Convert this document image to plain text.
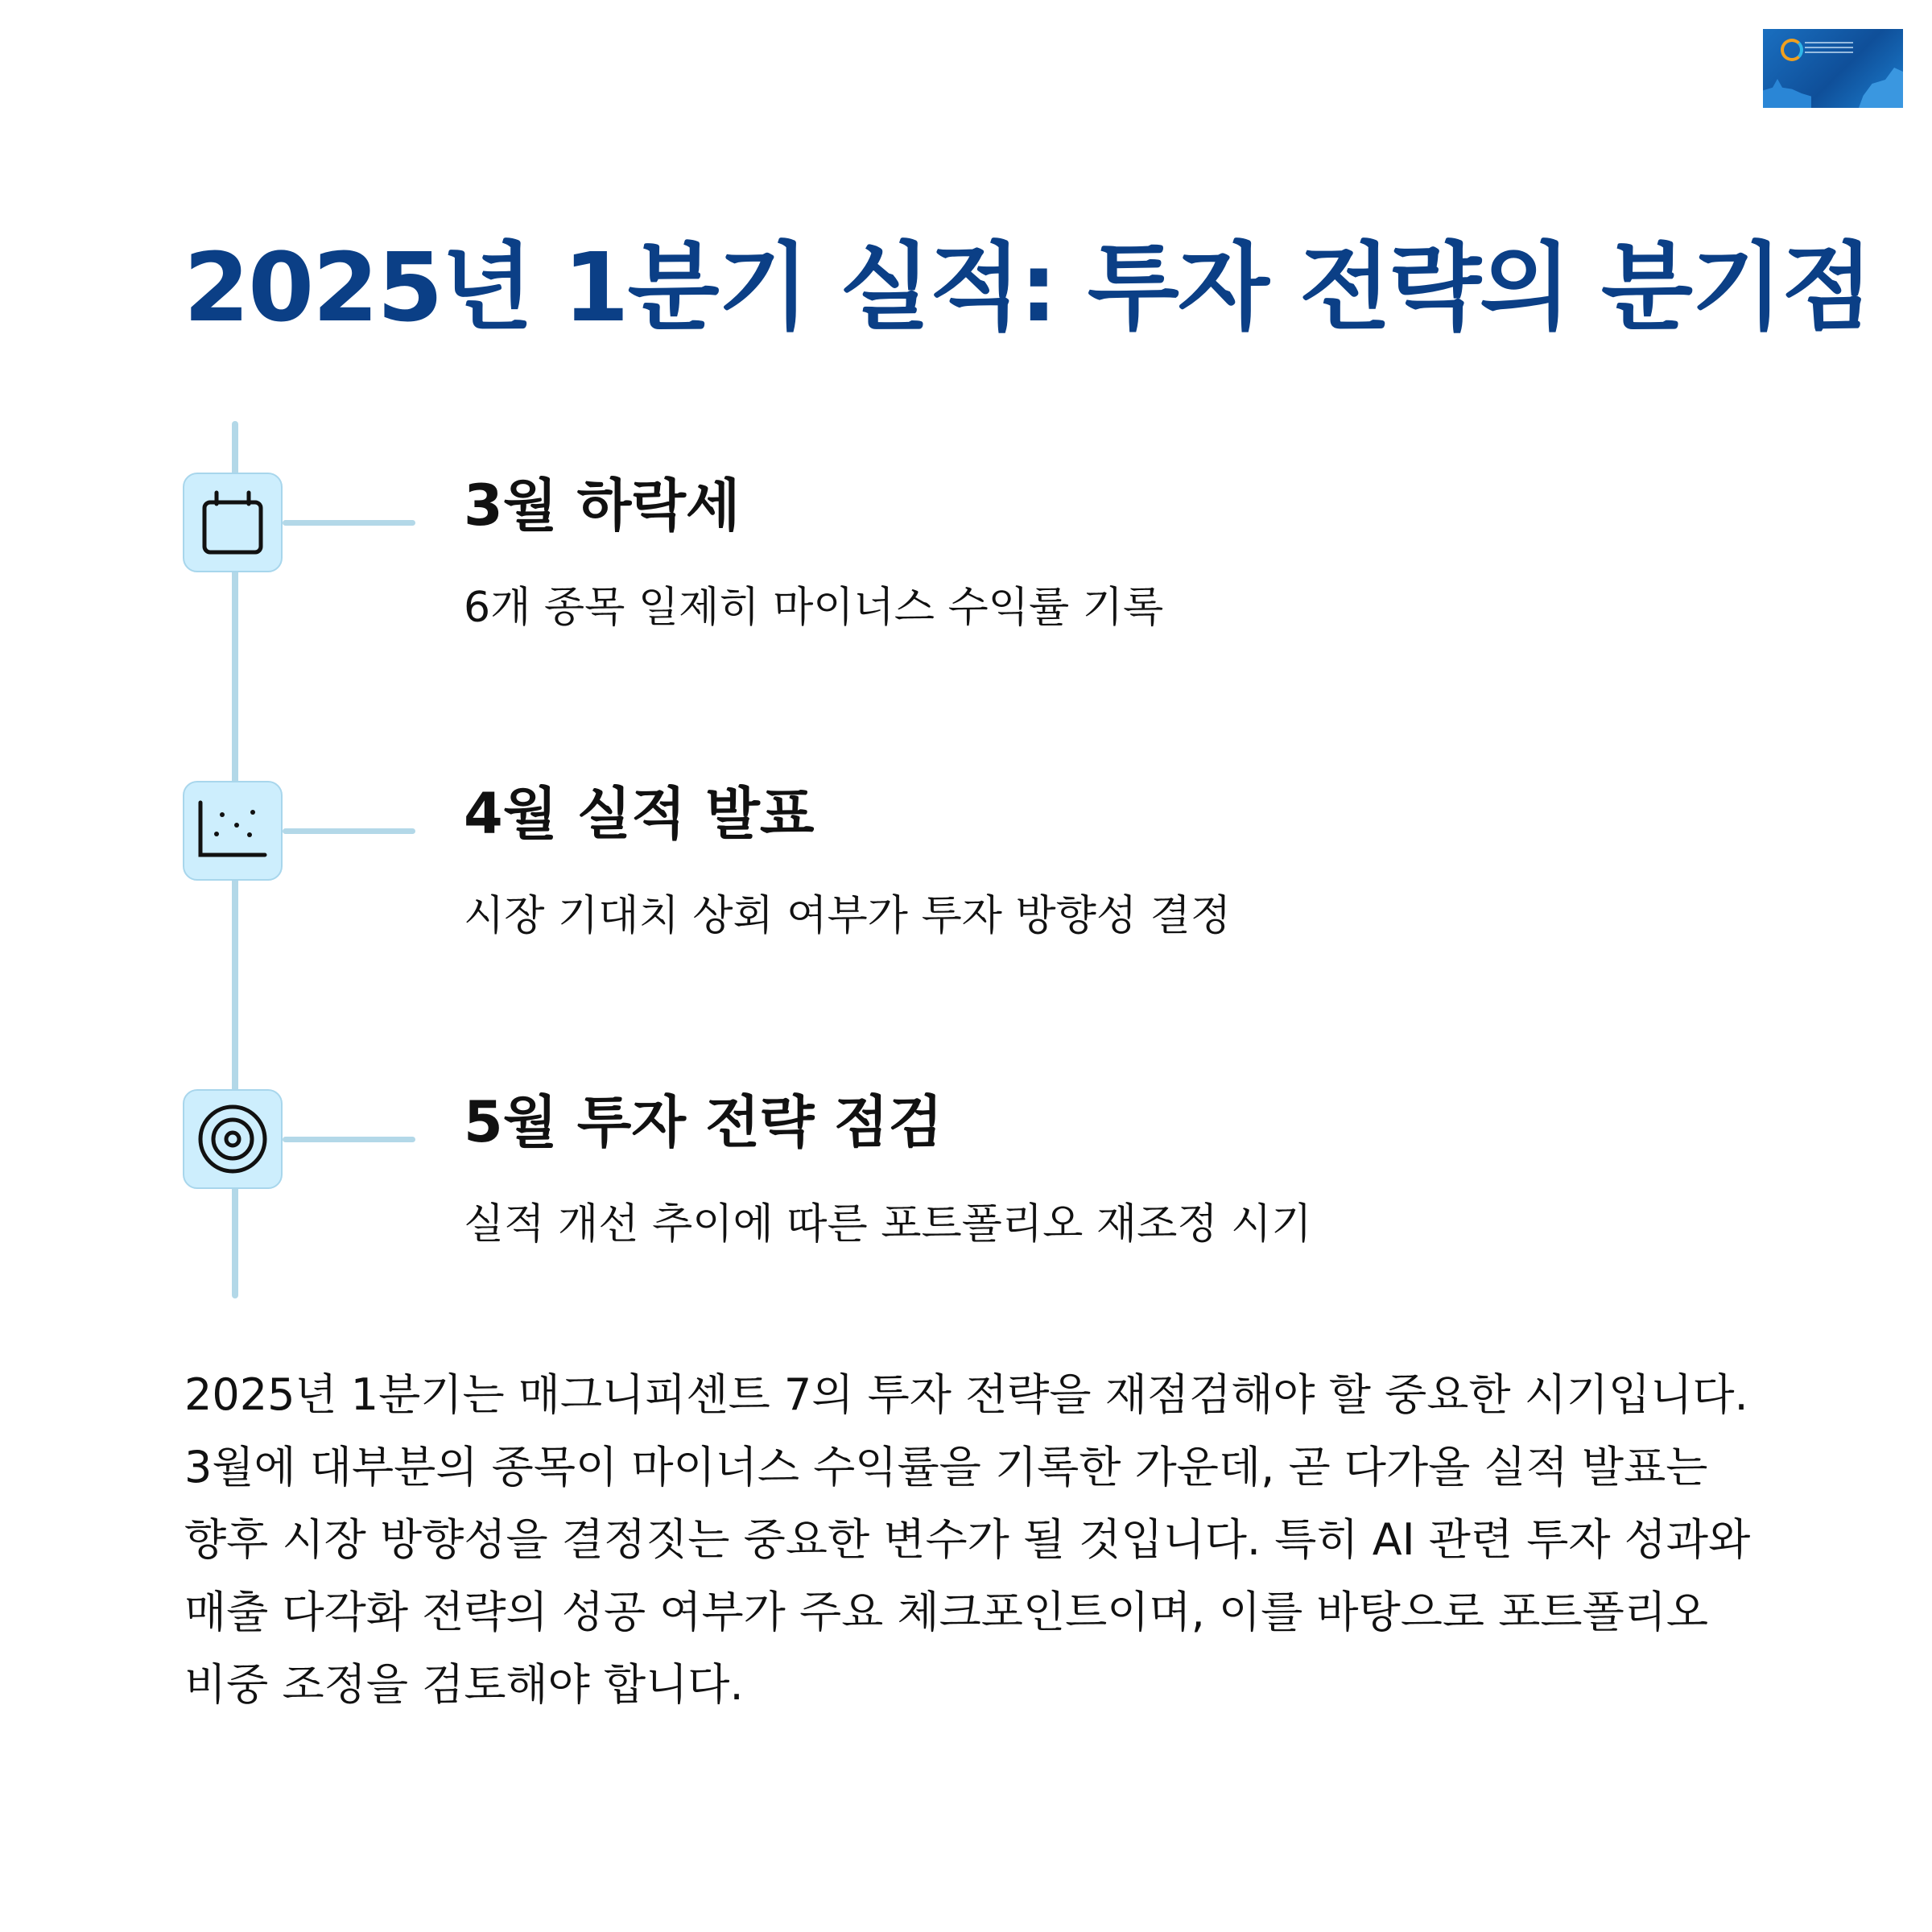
2025년 1분기 실적: 투자 전략의 분기점
3월 하락세

6개 종목 일제히 마이너스 수익률 기록

4월 실적 발표

시장 기대치 상회 여부가 투자 방향성 결정

5월 투자 전략 점검

실적 개선 추이에 따른 포트폴리오 재조정 시기

2025년 1분기는 매그니피센트 7의 투자 전략을 재점검해야 할 중요한 시기입니다.
3월에 대부분의 종목이 마이너스 수익률을 기록한 가운데, 곧 다가올 실적 발표는
향후 시장 방향성을 결정짓는 중요한 변수가 될 것입니다. 특히 AI 관련 투자 성과와
매출 다각화 전략의 성공 여부가 주요 체크포인트이며, 이를 바탕으로 포트폴리오
비중 조정을 검토해야 합니다.
